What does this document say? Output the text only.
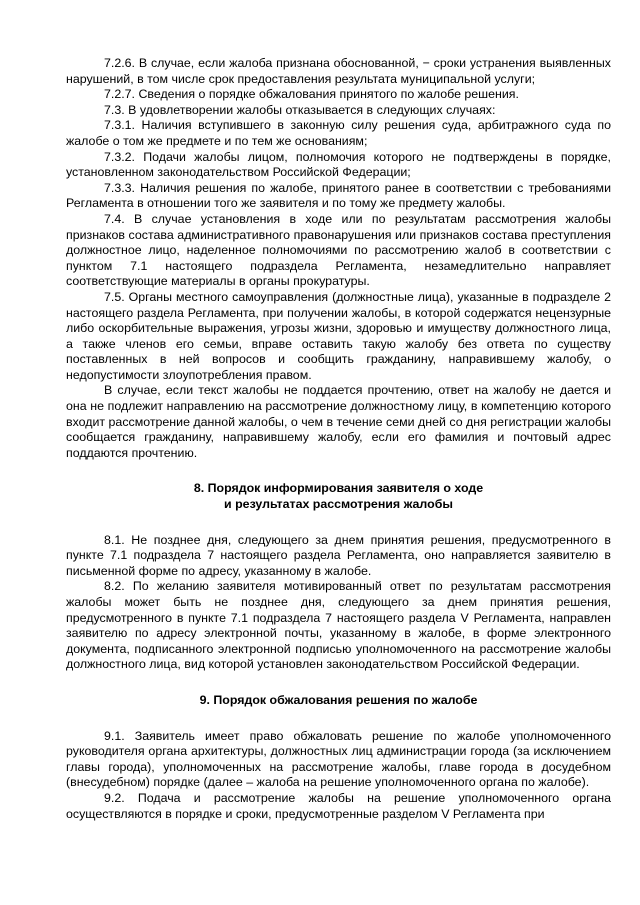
7.2.6. В случае, если жалоба признана обоснованной, − сроки устранения выявленных нарушений, в том числе срок предоставления результата муниципальной услуги;

7.2.7. Сведения о порядке обжалования принятого по жалобе решения.

7.3. В удовлетворении жалобы отказывается в следующих случаях:

7.3.1. Наличия вступившего в законную силу решения суда, арбитражного суда по жалобе о том же предмете и по тем же основаниям;

7.3.2. Подачи жалобы лицом, полномочия которого не подтверждены в порядке, установленном законодательством Российской Федерации;

7.3.3. Наличия решения по жалобе, принятого ранее в соответствии с требованиями Регламента в отношении того же заявителя и по тому же предмету жалобы.

7.4. В случае установления в ходе или по результатам рассмотрения жалобы признаков состава административного правонарушения или признаков состава преступления должностное лицо, наделенное полномочиями по рассмотрению жалоб в соответствии с пунктом 7.1 настоящего подраздела Регламента, незамедлительно направляет соответствующие материалы в органы прокуратуры.

7.5. Органы местного самоуправления (должностные лица), указанные в подразделе 2 настоящего раздела Регламента, при получении жалобы, в которой содержатся нецензурные либо оскорбительные выражения, угрозы жизни, здоровью и имуществу должностного лица, а также членов его семьи, вправе оставить такую жалобу без ответа по существу поставленных в ней вопросов и сообщить гражданину, направившему жалобу, о недопустимости злоупотребления правом.

В случае, если текст жалобы не поддается прочтению, ответ на жалобу не дается и она не подлежит направлению на рассмотрение должностному лицу, в компетенцию которого входит рассмотрение данной жалобы, о чем в течение семи дней со дня регистрации жалобы сообщается гражданину, направившему жалобу, если его фамилия и почтовый адрес поддаются прочтению.

8. Порядок информирования заявителя о ходе

и результатах рассмотрения жалобы

8.1. Не позднее дня, следующего за днем принятия решения, предусмотренного в пункте 7.1 подраздела 7 настоящего раздела Регламента, оно направляется заявителю в письменной форме по адресу, указанному в жалобе.

8.2. По желанию заявителя мотивированный ответ по результатам рассмотрения жалобы может быть не позднее дня, следующего за днем принятия решения, предусмотренного в пункте 7.1 подраздела 7 настоящего раздела V Регламента, направлен заявителю по адресу электронной почты, указанному в жалобе, в форме электронного документа, подписанного электронной подписью уполномоченного на рассмотрение жалобы должностного лица, вид которой установлен законодательством Российской Федерации.

9. Порядок обжалования решения по жалобе

9.1. Заявитель имеет право обжаловать решение по жалобе уполномоченного руководителя органа архитектуры, должностных лиц администрации города (за исключением главы города), уполномоченных на рассмотрение жалобы, главе города в досудебном (внесудебном) порядке (далее – жалоба на решение уполномоченного органа по жалобе).

9.2. Подача и рассмотрение жалобы на решение уполномоченного органа осуществляются в порядке и сроки, предусмотренные разделом V Регламента при
